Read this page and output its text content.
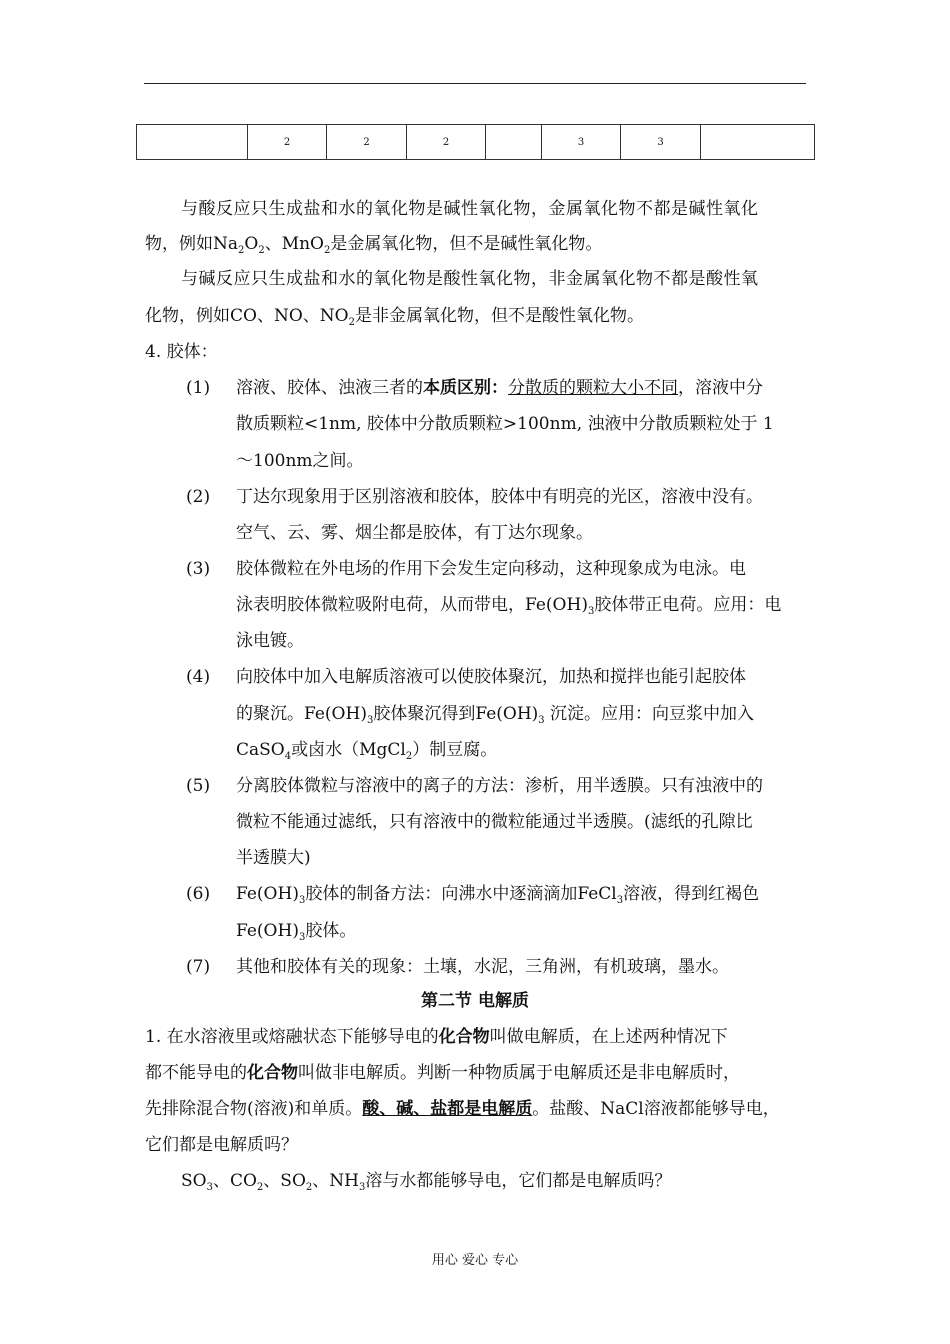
	2	2	2		3	3	
与酸反应只生成盐和水的氧化物是碱性氧化物，金属氧化物不都是碱性氧化
物，例如$Na_2O_2$、MnO$_2$是金属氧化物，但不是碱性氧化物。
与碱反应只生成盐和水的氧化物是酸性氧化物，非金属氧化物不都是酸性氧
化物，例如CO、NO、$NO_2$是非金属氧化物，但不是酸性氧化物。
4. 胶体：
(1) 溶液、胶体、浊液三者的本质区别：分散质的颗粒大小不同，溶液中分
散质颗粒<1nm, 胶体中分散质颗粒>100nm, 浊液中分散质颗粒处于 1
～100nm之间。
(2) 丁达尔现象用于区别溶液和胶体，胶体中有明亮的光区，溶液中没有。
空气、云、雾、烟尘都是胶体，有丁达尔现象。
(3) 胶体微粒在外电场的作用下会发生定向移动，这种现象成为电泳。电
泳表明胶体微粒吸附电荷，从而带电，$Fe(OH)_3$胶体带正电荷。应用：电
泳电镀。
(4) 向胶体中加入电解质溶液可以使胶体聚沉，加热和搅拌也能引起胶体
的聚沉。$Fe(OH)_3$胶体聚沉得到$Fe(OH)_3$ 沉淀。应用：向豆浆中加入
CaSO$_4$或卤水（MgCl$_2$）制豆腐。
(5) 分离胶体微粒与溶液中的离子的方法：渗析，用半透膜。只有浊液中的
微粒不能通过滤纸，只有溶液中的微粒能通过半透膜。(滤纸的孔隙比
半透膜大)
(6) $Fe(OH)_3$胶体的制备方法：向沸水中逐滴滴加FeCl$_3$溶液，得到红褐色
$Fe(OH)_3$胶体。
(7) 其他和胶体有关的现象：土壤，水泥，三角洲，有机玻璃，墨水。
第二节 电解质
1. 在水溶液里或熔融状态下能够导电的化合物叫做电解质，在上述两种情况下
都不能导电的化合物叫做非电解质。判断一种物质属于电解质还是非电解质时，
先排除混合物(溶液)和单质。酸、碱、盐都是电解质。盐酸、NaCl溶液都能够导电，
它们都是电解质吗？
$SO_3$、$CO_2$、$SO_2$、$NH_3$溶与水都能够导电，它们都是电解质吗？
用心 爱心 专心
